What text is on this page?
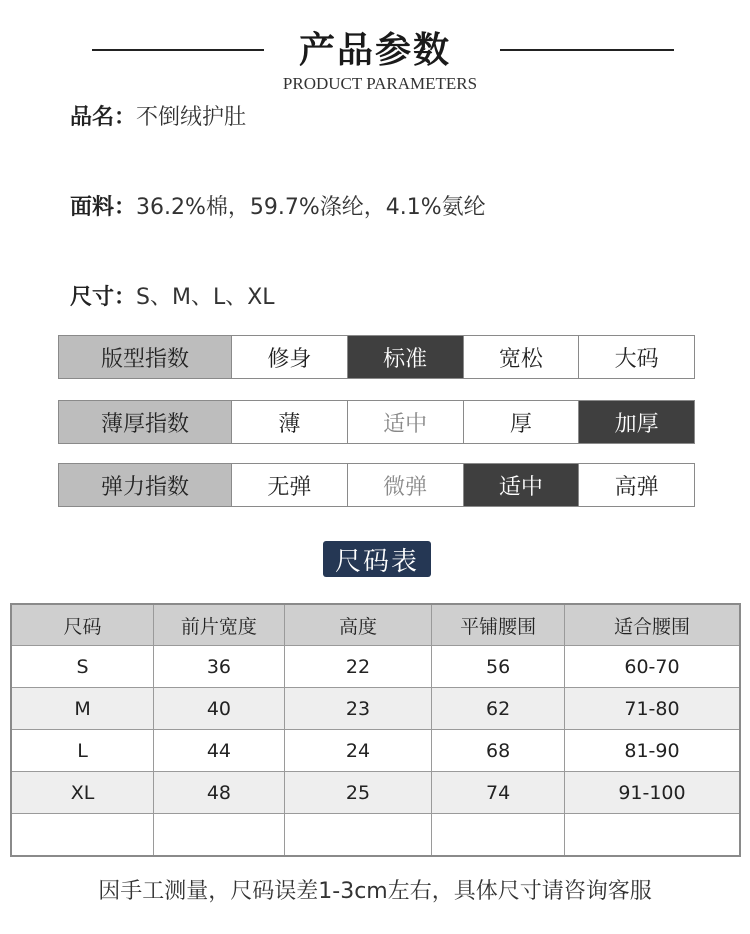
产品参数
PRODUCT PARAMETERS
品名：不倒绒护肚
面料：36.2%棉，59.7%涤纶，4.1%氨纶
尺寸：S、M、L、XL
版型指数	修身	标准	宽松	大码
薄厚指数	薄	适中	厚	加厚
弹力指数	无弹	微弹	适中	高弹
尺码表
尺码	前片宽度	高度	平铺腰围	适合腰围
S	36	22	56	60-70
M	40	23	62	71-80
L	44	24	68	81-90
XL	48	25	74	91-100

因手工测量，尺码误差1-3cm左右，具体尺寸请咨询客服
